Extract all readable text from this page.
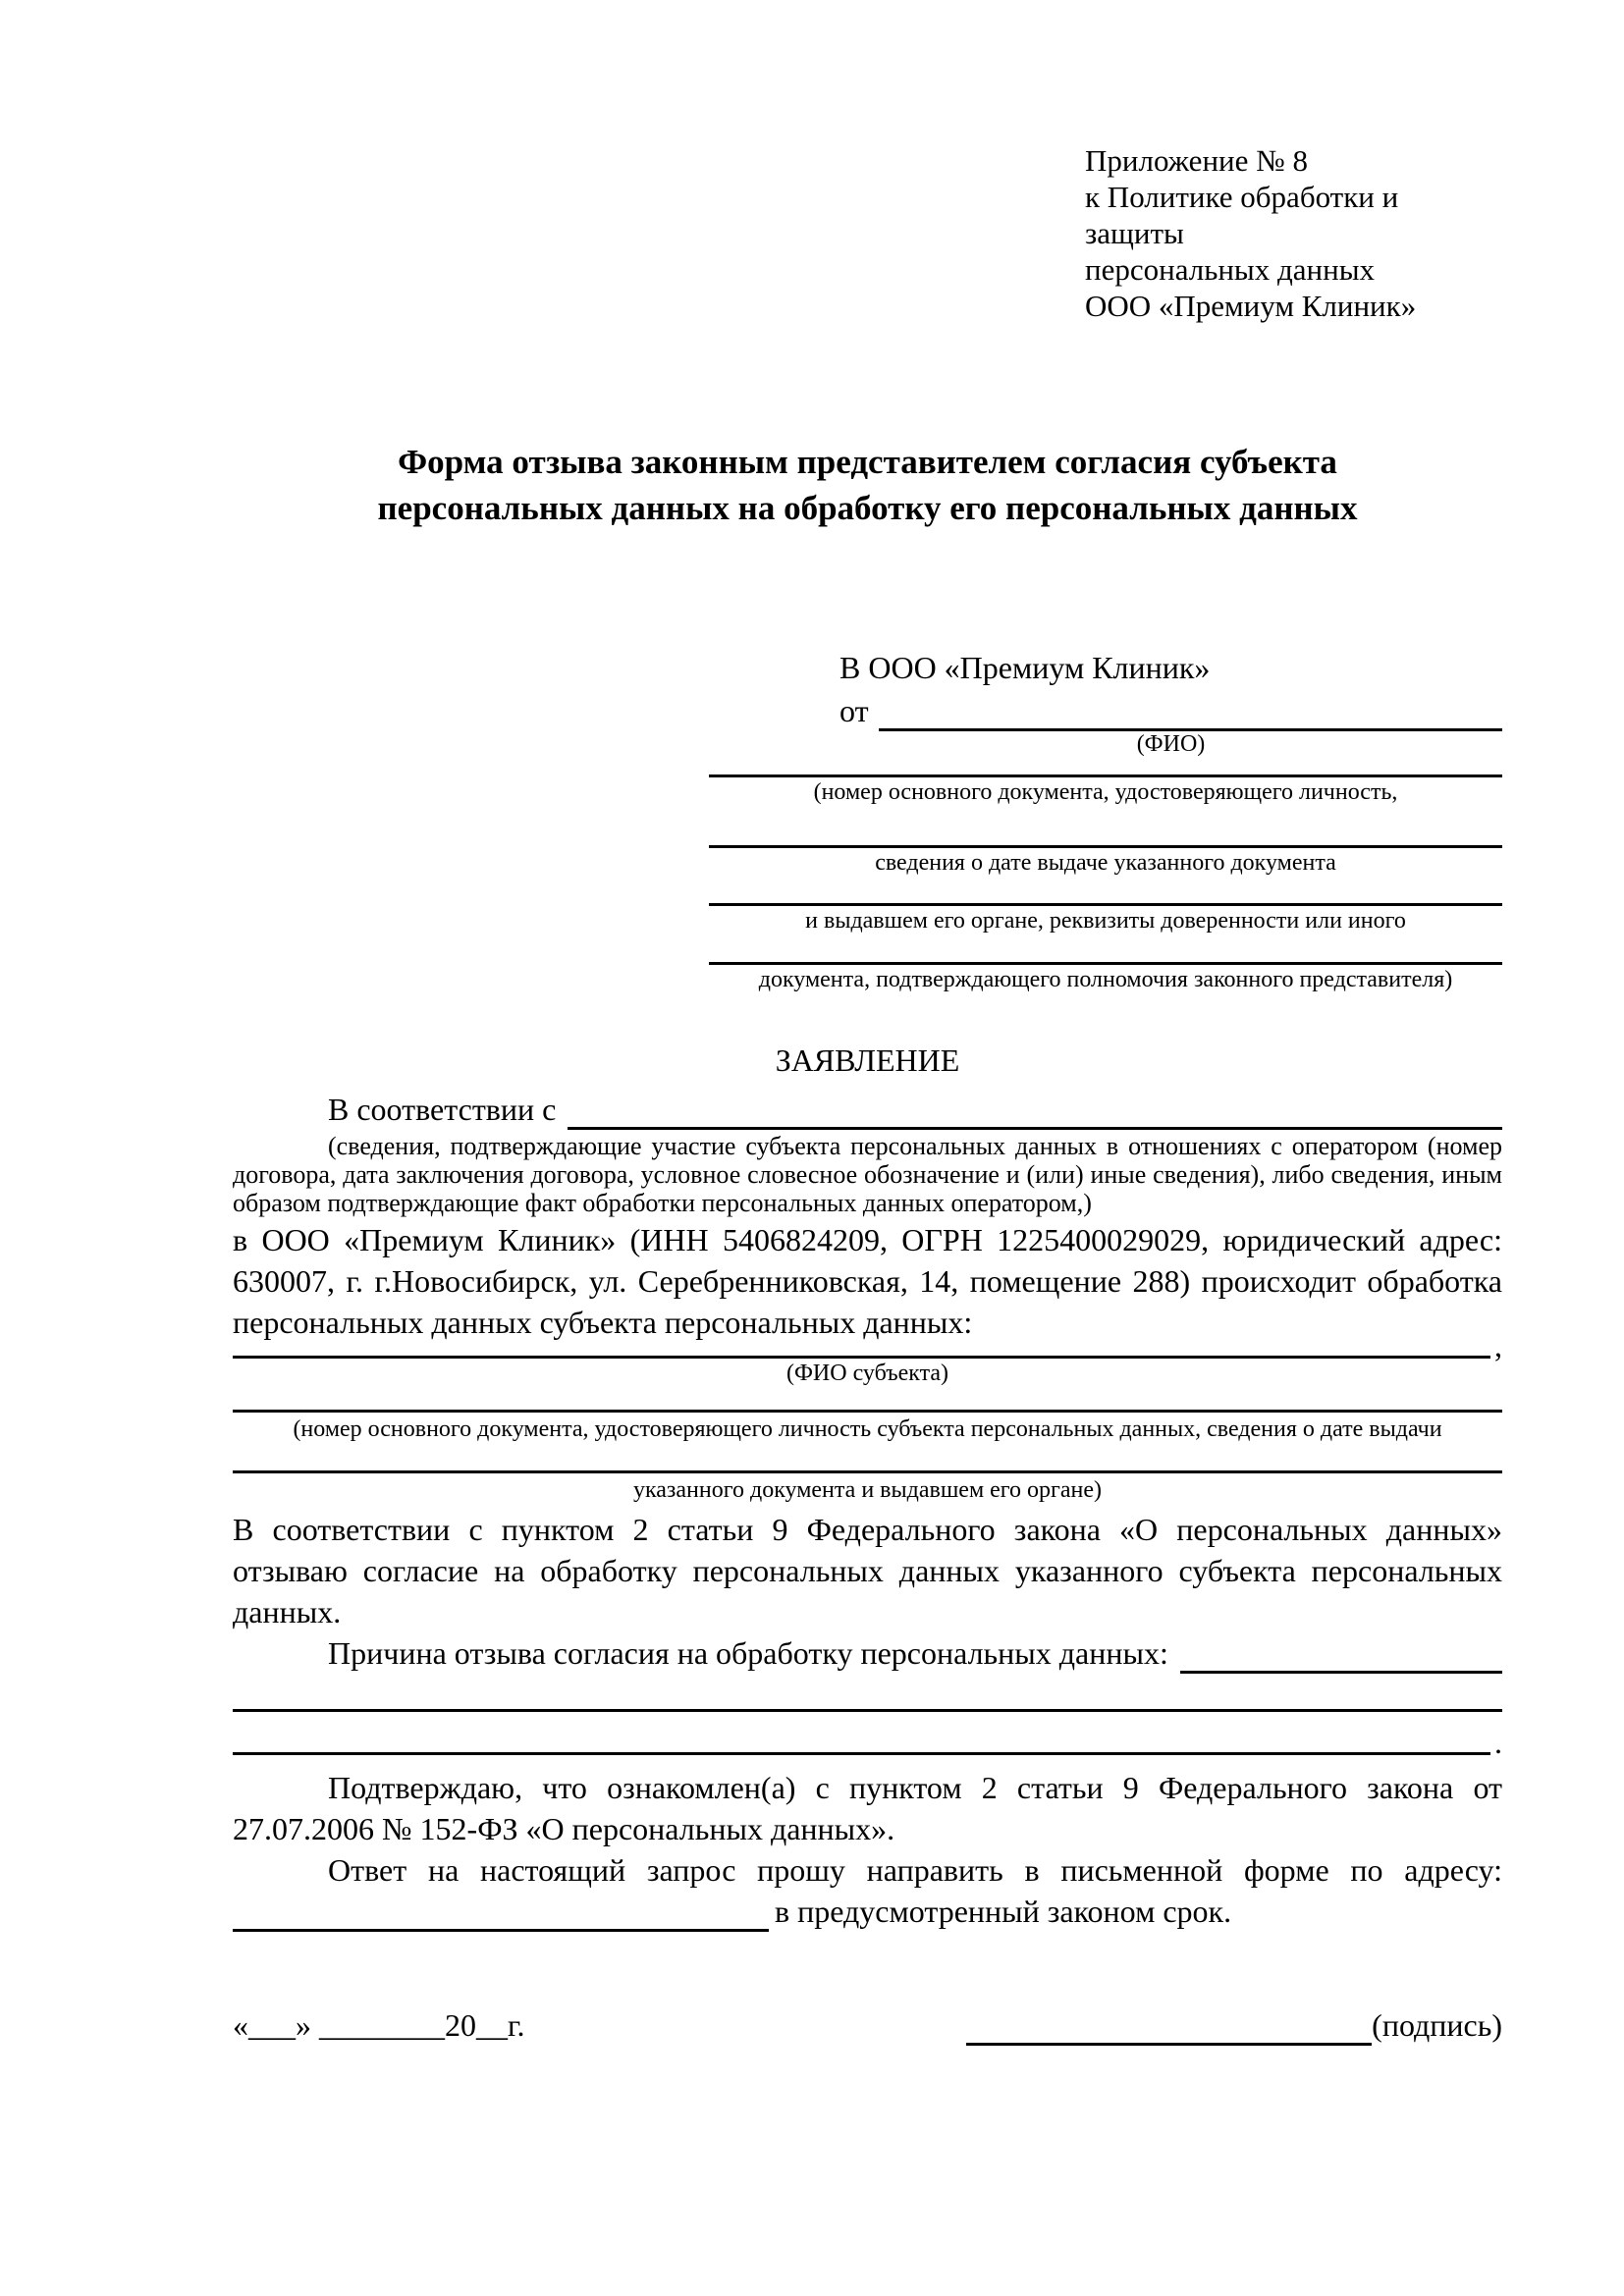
Приложение № 8
к Политике обработки и защиты
персональных данных
ООО «Премиум Клиник»
Форма отзыва законным представителем согласия субъекта
персональных данных на обработку его персональных данных
В ООО «Премиум Клиник»
от
(ФИО)
(номер основного документа, удостоверяющего личность,
сведения о дате выдаче указанного документа
и выдавшем его органе, реквизиты доверенности или иного
документа, подтверждающего полномочия законного представителя)
ЗАЯВЛЕНИЕ
В соответствии с
(сведения, подтверждающие участие субъекта персональных данных в отношениях с оператором (номер договора, дата заключения договора, условное словесное обозначение и (или) иные сведения), либо сведения, иным образом подтверждающие факт обработки персональных данных оператором,)
в ООО «Премиум Клиник» (ИНН 5406824209, ОГРН 1225400029029, юридический адрес: 630007, г. г.Новосибирск, ул. Серебренниковская, 14, помещение 288) происходит обработка персональных данных субъекта персональных данных:
,
(ФИО субъекта)
(номер основного документа, удостоверяющего личность субъекта персональных данных, сведения о дате выдачи
указанного документа и выдавшем его органе)
В соответствии с пунктом 2 статьи 9 Федерального закона «О персональных данных» отзываю согласие на обработку персональных данных указанного субъекта персональных данных.
Причина отзыва согласия на обработку персональных данных:
.
Подтверждаю, что ознакомлен(а) с пунктом 2 статьи 9 Федерального закона от 27.07.2006 № 152-ФЗ «О персональных данных».
Ответ на настоящий запрос прошу направить в письменной форме по адресу:
в предусмотренный законом срок.
«___» ________20__г.	(подпись)
